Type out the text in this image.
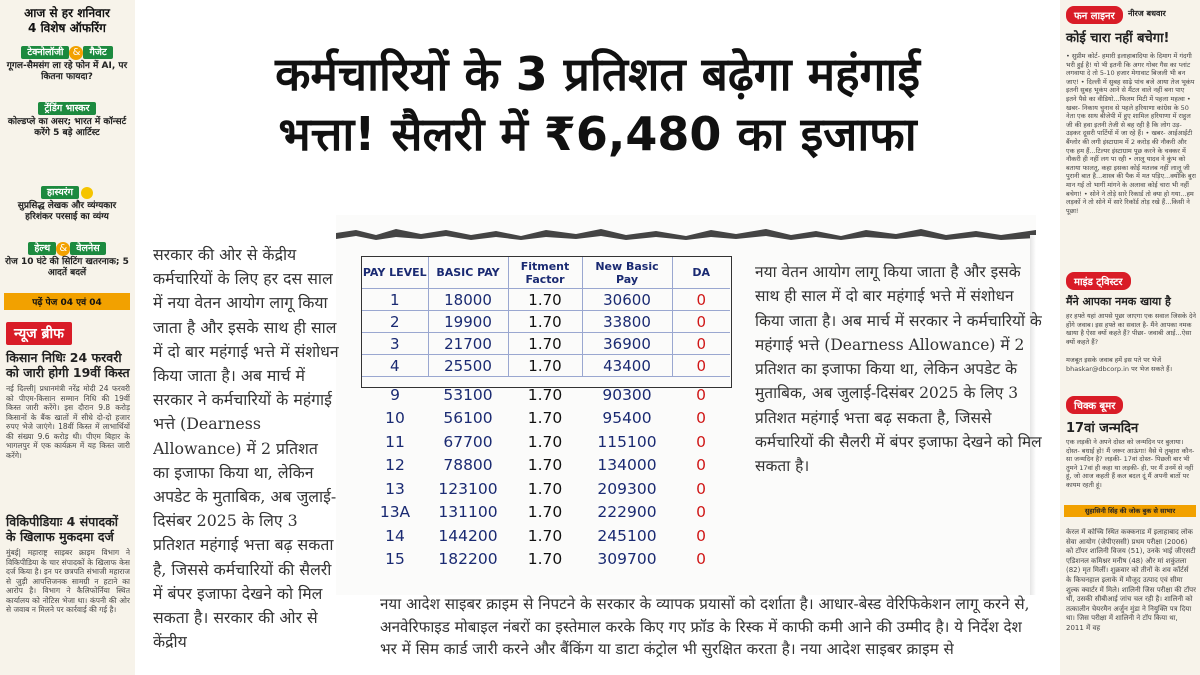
आज से हर शनिवार
4 विशेष ऑफरिंग
टेक्नोलॉजी & गैजेट
गूगल-सैमसंग ला रहे फोन में AI, पर कितना फायदा?
ट्रेंडिंग भास्कर
कोल्डप्ले का असर; भारत में कॉन्सर्ट करेंगे 5 बड़े आर्टिस्ट
हास्यरंग
सुप्रसिद्ध लेखक और व्यंग्यकार हरिशंकर परसाई का व्यंग्य
हेल्थ & वेलनेस
रोज 10 घंटे की सिटिंग खतरनाक; 5 आदतें बदलें
पढ़ें पेज 04 एवं 04
न्यूज ब्रीफ
किसान निधिः 24 फरवरी को जारी होगी 19वीं किस्त
नई दिल्ली| प्रधानमंत्री नरेंद्र मोदी 24 फरवरी को पीएम-किसान सम्मान निधि की 19वीं किस्त जारी करेंगे। इस दौरान 9.8 करोड़ किसानों के बैंक खातों में सीधे दो-दो हजार रुपए भेजे जाएंगे। 18वीं किस्त में लाभार्थियों की संख्या 9.6 करोड़ थी। पीएम बिहार के भागलपुर में एक कार्यक्रम में यह किस्त जारी करेंगे।
विकिपीडियाः 4 संपादकों के खिलाफ मुकदमा दर्ज
मुंबई| महाराष्ट्र साइबर क्राइम विभाग ने विकिपीडिया के चार संपादकों के खिलाफ केस दर्ज किया है। इन पर छत्रपति संभाजी महाराज से जुड़ी आपत्तिजनक सामग्री न हटाने का आरोप है। विभाग ने कैलिफोर्निया स्थित कार्यालय को नोटिस भेजा था। कंपनी की ओर से जवाब न मिलने पर कार्रवाई की गई है।
फन लाइनर	नीरज बधवार
कोई चारा नहीं बचेगा!
• सुप्रीम कोर्ट- हमारी इलाहाबादिया के दिमाग में गंदगी भरी हुई है! यो भी इतनी कि अगर गोबर गैस का प्लांट लगवाया दे तो 5-10 हजार मेगावाट बिजली भी बन जाए! • दिल्ली में सुबह साढ़े पांच बजे आया तेज भूकंप इतनी सुबह भूकंप आने से मैंटल वाले नहीं बना पाए इतने पैसे का वीडियो...फिलम मिटी में पहला महत्वा • खबर- निकाय चुनाव से पहले हरियाणा कांग्रेस के 50 नेता एक साथ बीजेपी में हुए शामिल हरियाणा में राहुल जी की हवा इतनी तेजी से बह रही है कि लोग उड़-उड़कर दूसरी पार्टियों में जा रहे हैं। • खबर- आईआईटी बैंग्लोर की लगी इंस्टाग्राम में 2 करोड़ की नौकरी और एक हम हैं...टिल्पर इंस्टाग्राम पूछ करने के चक्कर में नौकरी ही नहीं लग पा रही • लालू यादव ने कुंभ को बताया फालतू, कहा इसका कोई मतलब नहीं लालू जी पुरानी बात है...शास्त्र की पैक में मत पड़िए...क्योंकि बुरा मान गई तो भागीं मांगने के अलावा कोई चारा भी नहीं बचेगा! • सोने ने तोड़े सारे रिकार्ड तो क्या हो गया...हम लड़कों ने तो सोने में सारे रिकॉर्ड तोड़ रखे हैं...किसी ने पूछा!
माइंड ट्विस्टर
मैंने आपका नमक खाया है
हर हफ्ते यहां आपसे पूछा जाएगा एक सवाल जिसके देने होंगे जवाब। इस हफ्ते का सवाल है- मैंने आपका नमक खाया है ऐसा क्यों कहते हैं? पीछा- जवाबी आई...ऐसा क्यों कहते हैं?
मजबूत इसके जवाब हमें इस पते पर भेजें bhaskar@dbcorp.in पर भेज सकते हैं।
चिक्क बूमर
17वां जन्मदिन
एक लड़की ने अपने दोस्त को जन्मदिन पर बुलाया। दोस्त- बधाई हो! मैं जरूर आऊंगा! वैसे ये तुम्हारा कौन-सा जन्मदिन है? लड़की- 17वां दोस्त- पिछली बार भी तुमने 17वां ही कहा था लड़की- ही, पर मैं उनमें से नहीं हूं, जो आज कहती हैं कल बदल दूं मैं अपनी बातों पर कायम रहती हूं।
सुहासिनी सिंह की जोक बुक से साभार
केरल में कोच्चि स्थित कक्कनाड में इलाहाबाद लोक सेवा आयोग (जेपीएससी) प्रथम परीक्षा (2006) को टॉपर शालिनी विजय (51), उनके भाई जीएसटी एडिशनल कमिश्नर मनीष (48) और मां शकुंतला (82) मृत मिलीं। शुक्रवार को तीनों के शव कॉर्टर्स के किचनहाल इलाके में मौजूद उत्पाद एवं सीमा शुल्क क्वार्टर में मिले। शालिनी जिस परीक्षा की टॉपर थीं, उसकी सीबीआई जांच चल रही है। शालिनी को तत्कालीन चेयरमैन अर्जुन मुंडा ने नियुक्ति पत्र दिया था। जिस परीक्षा में शालिनी ने टॉप किया था, 2011 में वह
कर्मचारियों के 3 प्रतिशत बढ़ेगा महंगाई
भत्ता! सैलरी में ₹6,480 का इजाफा
सरकार की ओर से केंद्रीय कर्मचारियों के लिए हर दस साल में नया वेतन आयोग लागू किया जाता है और इसके साथ ही साल में दो बार महंगाई भत्ते में संशोधन किया जाता है। अब मार्च में सरकार ने कर्मचारियों के महंगाई भत्ते (Dearness Allowance) में 2 प्रतिशत का इजाफा किया था, लेकिन अपडेट के मुताबिक, अब जुलाई-दिसंबर 2025 के लिए 3 प्रतिशत महंगाई भत्ता बढ़ सकता है, जिससे कर्मचारियों की सैलरी में बंपर इजाफा देखने को मिल सकता है। सरकार की ओर से केंद्रीय
नया वेतन आयोग लागू किया जाता है और इसके साथ ही साल में दो बार महंगाई भत्ते में संशोधन किया जाता है। अब मार्च में सरकार ने कर्मचारियों के महंगाई भत्ते (Dearness Allowance) में 2 प्रतिशत का इजाफा किया था, लेकिन अपडेट के मुताबिक, अब जुलाई-दिसंबर 2025 के लिए 3 प्रतिशत महंगाई भत्ता बढ़ सकता है, जिससे कर्मचारियों की सैलरी में बंपर इजाफा देखने को मिल सकता है।
नया आदेश साइबर क्राइम से निपटने के सरकार के व्यापक प्रयासों को दर्शाता है। आधार-बेस्ड वेरिफिकेशन लागू करने से, अनवेरिफाइड मोबाइल नंबरों का इस्तेमाल करके किए गए फ्रॉड के रिस्क में काफी कमी आने की उम्मीद है। ये निर्देश देश भर में सिम कार्ड जारी करने और बैंकिंग या डाटा कंट्रोल भी सुरक्षित करता है। नया आदेश साइबर क्राइम से
PAY LEVEL	BASIC PAY	Fitment Factor	New Basic Pay	DA
1	18000	1.70	30600	0
2	19900	1.70	33800	0
3	21700	1.70	36900	0
4	25500	1.70	43400	0
9	53100	1.70	90300	0
10	56100	1.70	95400	0
11	67700	1.70	115100	0
12	78800	1.70	134000	0
13	123100	1.70	209300	0
13A	131100	1.70	222900	0
14	144200	1.70	245100	0
15	182200	1.70	309700	0
